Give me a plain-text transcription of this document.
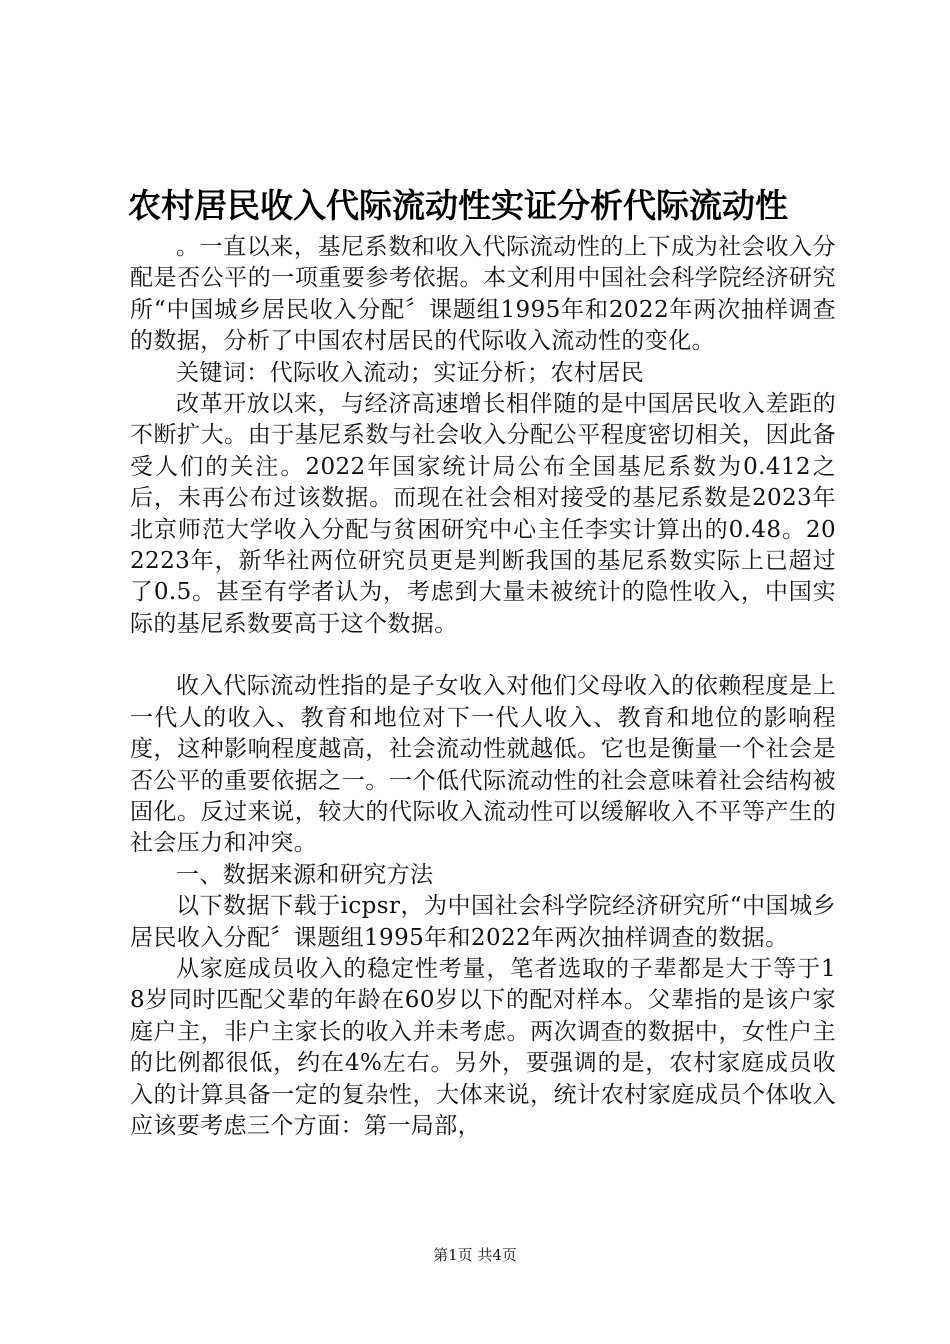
农村居民收入代际流动性实证分析代际流动性

。一直以来，基尼系数和收入代际流动性的上下成为社会收入分配是否公平的一项重要参考依据。本文利用中国社会科学院经济研究所“中国城乡居民收入分配〞课题组1995年和2022年两次抽样调查的数据，分析了中国农村居民的代际收入流动性的变化。

关键词：代际收入流动；实证分析；农村居民

改革开放以来，与经济高速增长相伴随的是中国居民收入差距的不断扩大。由于基尼系数与社会收入分配公平程度密切相关，因此备受人们的关注。2022年国家统计局公布全国基尼系数为0.412之后，未再公布过该数据。而现在社会相对接受的基尼系数是2023年北京师范大学收入分配与贫困研究中心主任李实计算出的0.48。202223年，新华社两位研究员更是判断我国的基尼系数实际上已超过了0.5。甚至有学者认为，考虑到大量未被统计的隐性收入，中国实际的基尼系数要高于这个数据。

收入代际流动性指的是子女收入对他们父母收入的依赖程度是上一代人的收入、教育和地位对下一代人收入、教育和地位的影响程度，这种影响程度越高，社会流动性就越低。它也是衡量一个社会是否公平的重要依据之一。一个低代际流动性的社会意味着社会结构被固化。反过来说，较大的代际收入流动性可以缓解收入不平等产生的社会压力和冲突。

一、数据来源和研究方法

以下数据下载于icpsr，为中国社会科学院经济研究所“中国城乡居民收入分配〞课题组1995年和2022年两次抽样调查的数据。

从家庭成员收入的稳定性考量，笔者选取的子辈都是大于等于18岁同时匹配父辈的年龄在60岁以下的配对样本。父辈指的是该户家庭户主，非户主家长的收入并未考虑。两次调查的数据中，女性户主的比例都很低，约在4%左右。另外，要强调的是，农村家庭成员收入的计算具备一定的复杂性，大体来说，统计农村家庭成员个体收入应该要考虑三个方面：第一局部，

第1页 共4页
